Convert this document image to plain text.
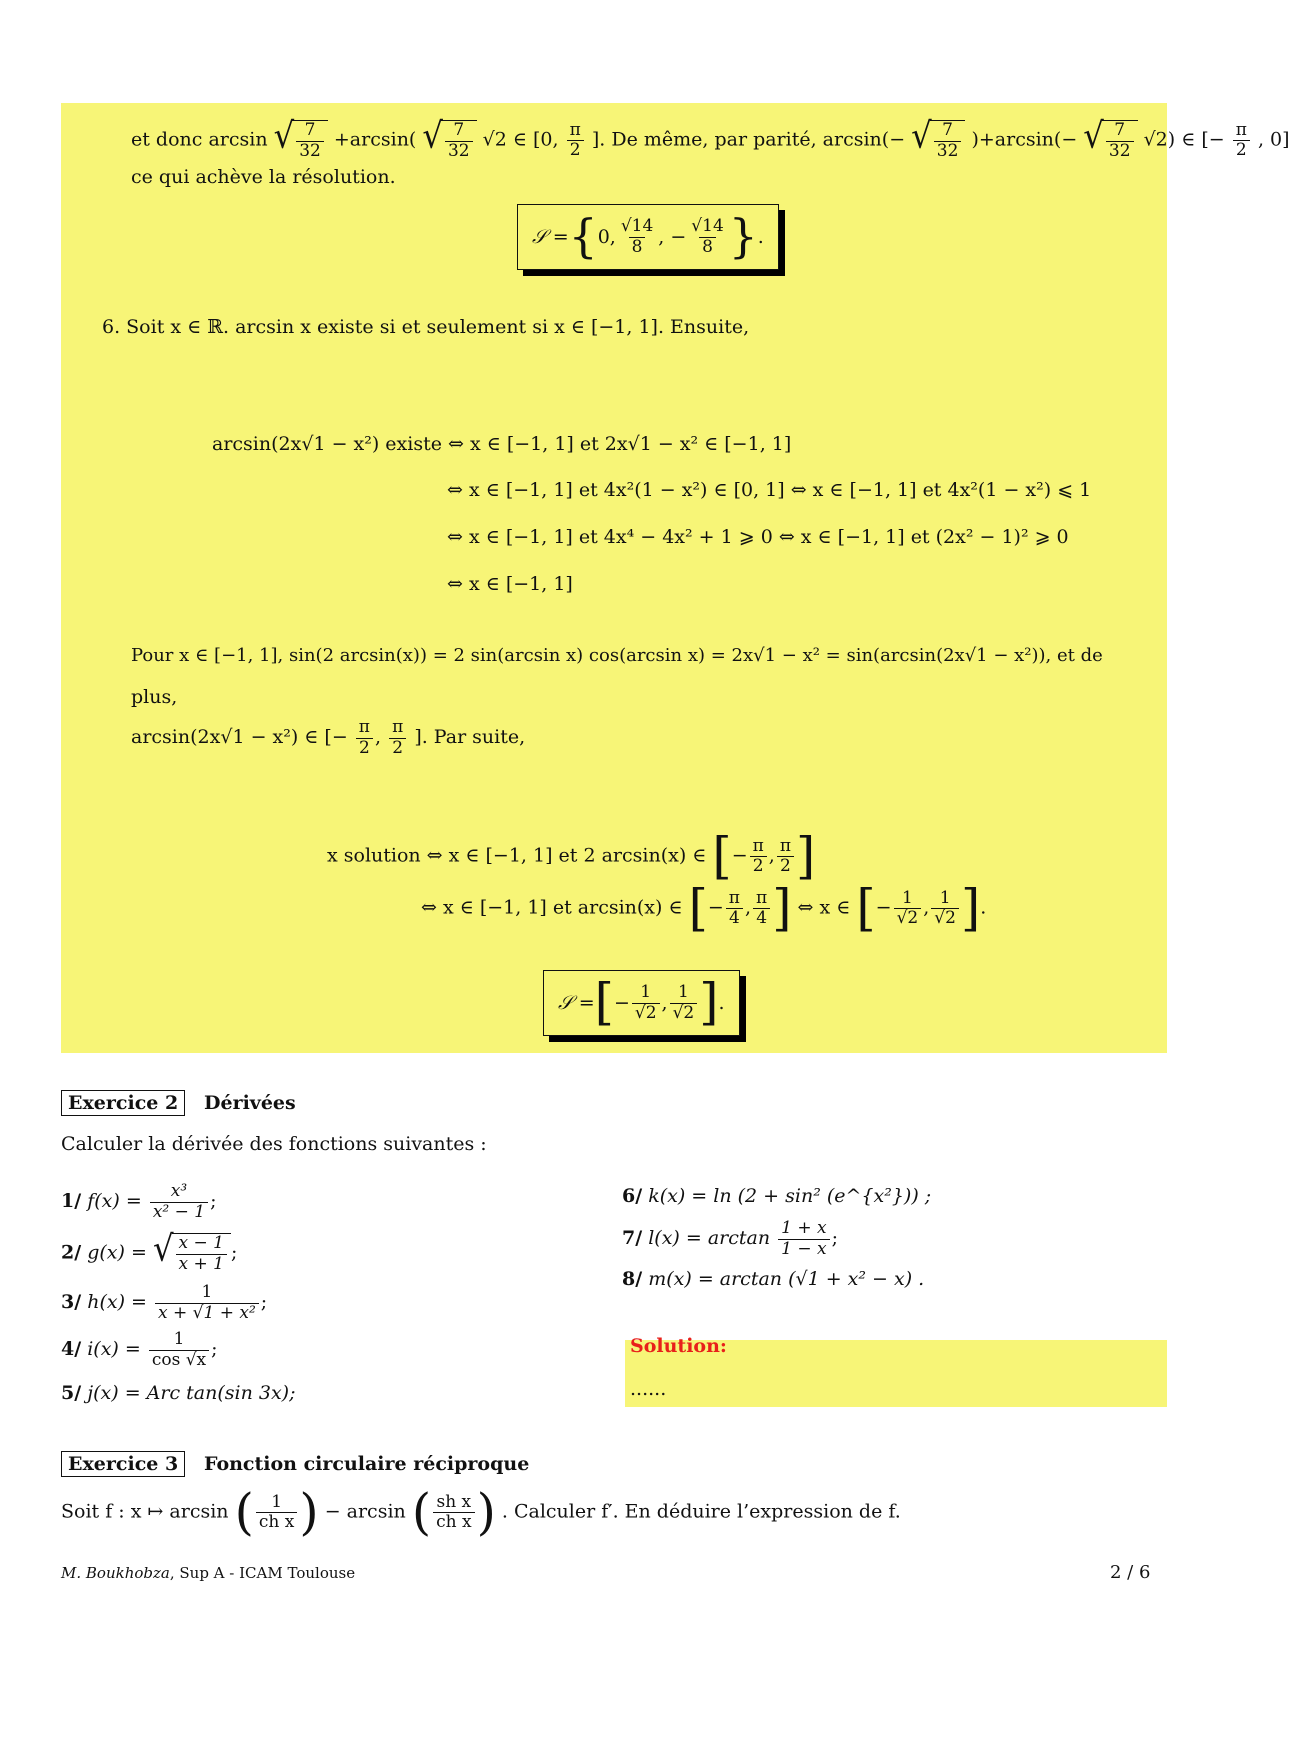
et donc arcsin √ $\frac{7}{32} +\arcsin$( √ $\frac{7}{32} √2$ ∈ [0, $\frac{\pi}{2}$ ]. De même, par parité, arcsin(− √ $\frac{7}{32} )+\arcsin(-$ √ $\frac{7}{32} √2$) ∈ [− $\frac{\pi}{2}$ , 0]
ce qui achève la résolution.
𝒮 = { 0, $\frac{√14}{8}$ , − $\frac{√14}{8}$ } .
6. Soit x ∈ ℝ. arcsin x existe si et seulement si x ∈ [−1, 1]. Ensuite,
arcsin(2x√1 − x²) existe ⇔ x ∈ [−1, 1] et 2x√1 − x² ∈ [−1, 1]
⇔ x ∈ [−1, 1] et 4x²(1 − x²) ∈ [0, 1] ⇔ x ∈ [−1, 1] et 4x²(1 − x²) ⩽ 1
⇔ x ∈ [−1, 1] et 4x⁴ − 4x² + 1 ⩾ 0 ⇔ x ∈ [−1, 1] et (2x² − 1)² ⩾ 0
⇔ x ∈ [−1, 1]
Pour x ∈ [−1, 1], sin(2 arcsin(x)) = 2 sin(arcsin x) cos(arcsin x) = 2x√1 − x² = sin(arcsin(2x√1 − x²)), et de
plus,
arcsin(2x√1 − x²) ∈ [− $\frac{\pi}{2}$ , $\frac{\pi}{2}$ ]. Par suite,
x solution ⇔ x ∈ [−1, 1] et 2 arcsin(x) ∈ [− $\frac{\pi}{2}$ , $\frac{\pi}{2}$ ]
⇔ x ∈ [−1, 1] et arcsin(x) ∈ [− $\frac{\pi}{4}$ , $\frac{\pi}{4}$ ] ⇔ x ∈ [− $\frac{1}{√2}$ , $\frac{1}{√2}$ ].
𝒮 = [ − $\frac{1}{√2}$ , $\frac{1}{√2}$ ] .
Exercice 2	Dérivées
Calculer la dérivée des fonctions suivantes :
1/ $f(x) = \frac{\text{x³}}{\text{x² − 1}}$ ;
2/ g(x) = √ $\frac{x - 1}{x + 1}$ ;
3/ $h(x) = \frac{1}{\text{x + √1 + x²}}$ ;
4/ $i(x) = \frac{1}{\cos √x}$ ;
5/ j(x) = Arc tan(sin 3x);
6/ k(x) = ln (2 + sin² (e^{x²})) ;
7/ $l(x) = \arctan \frac{1 + x}{1 - x}$ ;
8/ m(x) = arctan (√1 + x² − x) .
Solution:
......
Exercice 3	Fonction circulaire réciproque
Soit f : x ↦ arcsin ( $\frac{1}{\text{ch x}}$ ) − arcsin ( $\frac{\text{sh x}}{\text{ch x}}$ ) . Calculer f′. En déduire l’expression de f.
M. Boukhobza, Sup A - ICAM Toulouse	2 / 6
